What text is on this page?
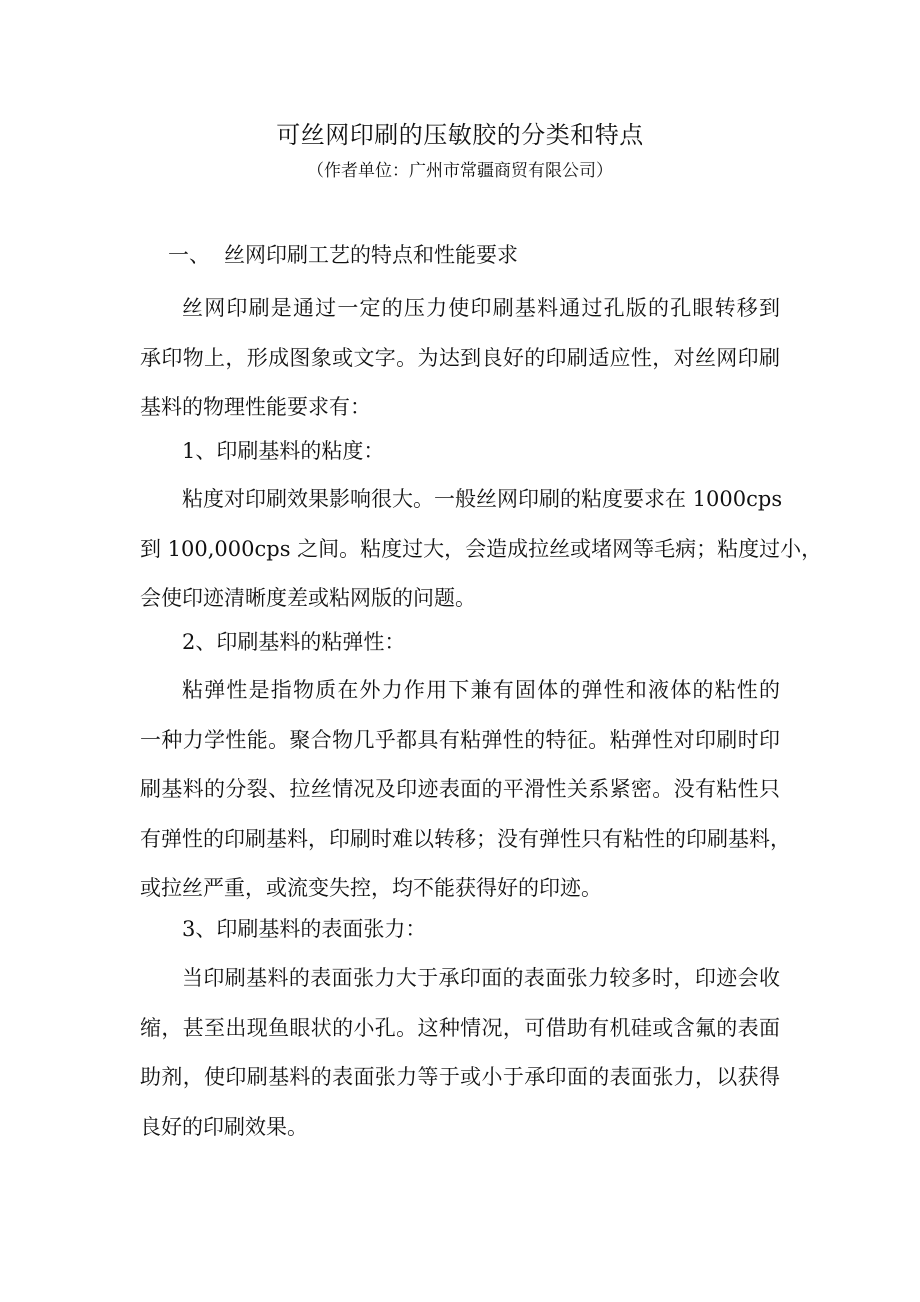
可丝网印刷的压敏胶的分类和特点
（作者单位：广州市常疆商贸有限公司）
一、 丝网印刷工艺的特点和性能要求
丝网印刷是通过一定的压力使印刷基料通过孔版的孔眼转移到
承印物上，形成图象或文字。为达到良好的印刷适应性，对丝网印刷
基料的物理性能要求有：
1、印刷基料的粘度：
粘度对印刷效果影响很大。一般丝网印刷的粘度要求在 1000cps
到 100,000cps 之间。粘度过大，会造成拉丝或堵网等毛病；粘度过小，
会使印迹清晰度差或粘网版的问题。
2、印刷基料的粘弹性：
粘弹性是指物质在外力作用下兼有固体的弹性和液体的粘性的
一种力学性能。聚合物几乎都具有粘弹性的特征。粘弹性对印刷时印
刷基料的分裂、拉丝情况及印迹表面的平滑性关系紧密。没有粘性只
有弹性的印刷基料，印刷时难以转移；没有弹性只有粘性的印刷基料，
或拉丝严重，或流变失控，均不能获得好的印迹。
3、印刷基料的表面张力：
当印刷基料的表面张力大于承印面的表面张力较多时，印迹会收
缩，甚至出现鱼眼状的小孔。这种情况，可借助有机硅或含氟的表面
助剂，使印刷基料的表面张力等于或小于承印面的表面张力，以获得
良好的印刷效果。
